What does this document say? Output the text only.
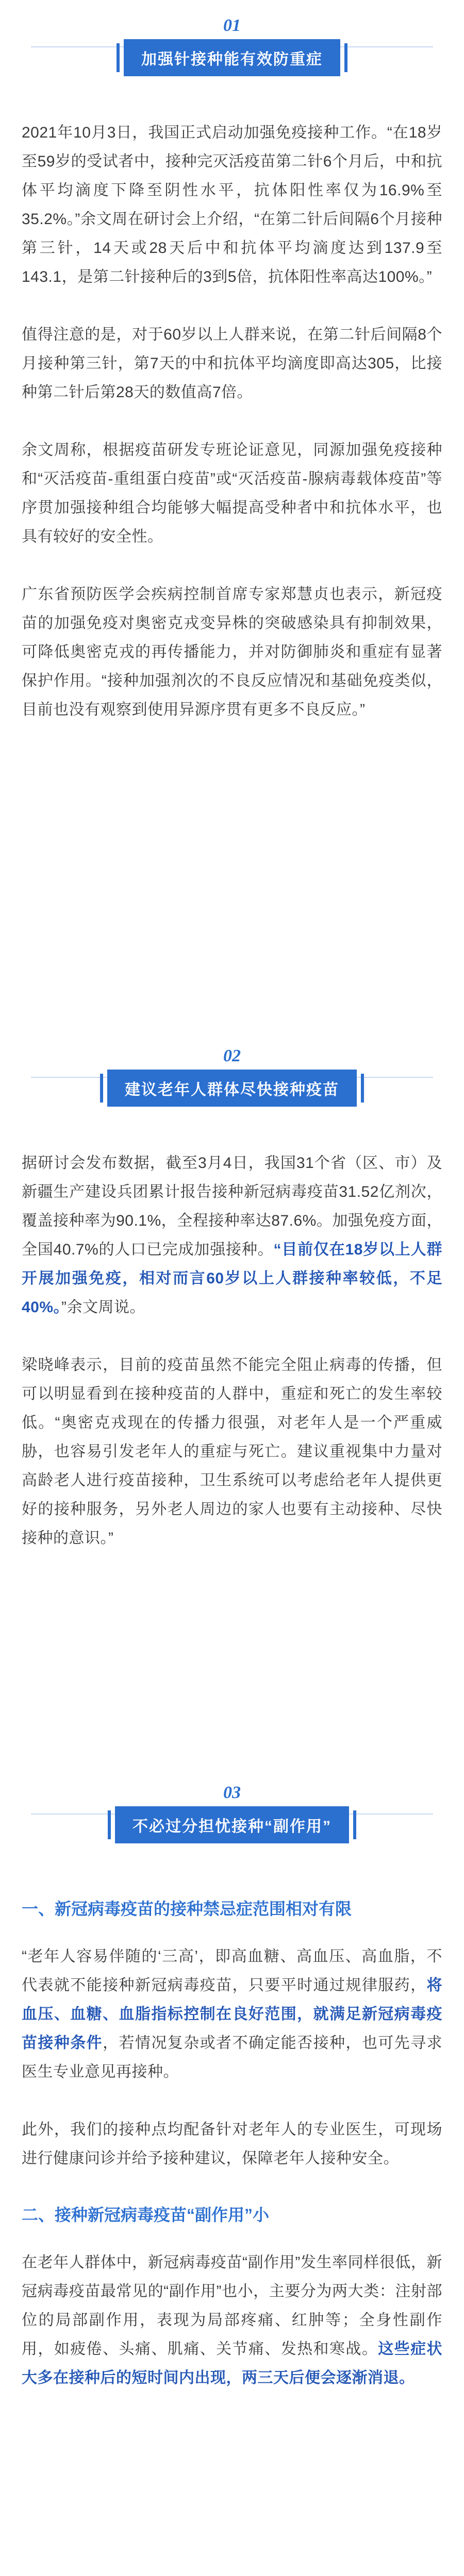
01
加强针接种能有效防重症

2021年10月3日，我国正式启动加强免疫接种工作。“在18岁至59岁的受试者中，接种完灭活疫苗第二针6个月后，中和抗体平均滴度下降至阴性水平，抗体阳性率仅为16.9%至35.2%。”余文周在研讨会上介绍，“在第二针后间隔6个月接种第三针，14天或28天后中和抗体平均滴度达到137.9至143.1，是第二针接种后的3到5倍，抗体阳性率高达100%。”

值得注意的是，对于60岁以上人群来说，在第二针后间隔8个月接种第三针，第7天的中和抗体平均滴度即高达305，比接种第二针后第28天的数值高7倍。

余文周称，根据疫苗研发专班论证意见，同源加强免疫接种和“灭活疫苗-重组蛋白疫苗”或“灭活疫苗-腺病毒载体疫苗”等序贯加强接种组合均能够大幅提高受种者中和抗体水平，也具有较好的安全性。

广东省预防医学会疾病控制首席专家郑慧贞也表示，新冠疫苗的加强免疫对奥密克戎变异株的突破感染具有抑制效果，可降低奥密克戎的再传播能力，并对防御肺炎和重症有显著保护作用。“接种加强剂次的不良反应情况和基础免疫类似，目前也没有观察到使用异源序贯有更多不良反应。”

02
建议老年人群体尽快接种疫苗

据研讨会发布数据，截至3月4日，我国31个省（区、市）及新疆生产建设兵团累计报告接种新冠病毒疫苗31.52亿剂次，覆盖接种率为90.1%，全程接种率达87.6%。加强免疫方面，全国40.7%的人口已完成加强接种。“目前仅在18岁以上人群开展加强免疫，相对而言60岁以上人群接种率较低，不足40%。”余文周说。

梁晓峰表示，目前的疫苗虽然不能完全阻止病毒的传播，但可以明显看到在接种疫苗的人群中，重症和死亡的发生率较低。“奥密克戎现在的传播力很强，对老年人是一个严重威胁，也容易引发老年人的重症与死亡。建议重视集中力量对高龄老人进行疫苗接种，卫生系统可以考虑给老年人提供更好的接种服务，另外老人周边的家人也要有主动接种、尽快接种的意识。”

03
不必过分担忧接种“副作用”

一、新冠病毒疫苗的接种禁忌症范围相对有限

“老年人容易伴随的‘三高’，即高血糖、高血压、高血脂，不代表就不能接种新冠病毒疫苗，只要平时通过规律服药，将血压、血糖、血脂指标控制在良好范围，就满足新冠病毒疫苗接种条件，若情况复杂或者不确定能否接种，也可先寻求医生专业意见再接种。

此外，我们的接种点均配备针对老年人的专业医生，可现场进行健康问诊并给予接种建议，保障老年人接种安全。

二、接种新冠病毒疫苗“副作用”小

在老年人群体中，新冠病毒疫苗“副作用”发生率同样很低，新冠病毒疫苗最常见的“副作用”也小，主要分为两大类：注射部位的局部副作用，表现为局部疼痛、红肿等；全身性副作用，如疲倦、头痛、肌痛、关节痛、发热和寒战。这些症状大多在接种后的短时间内出现，两三天后便会逐渐消退。
